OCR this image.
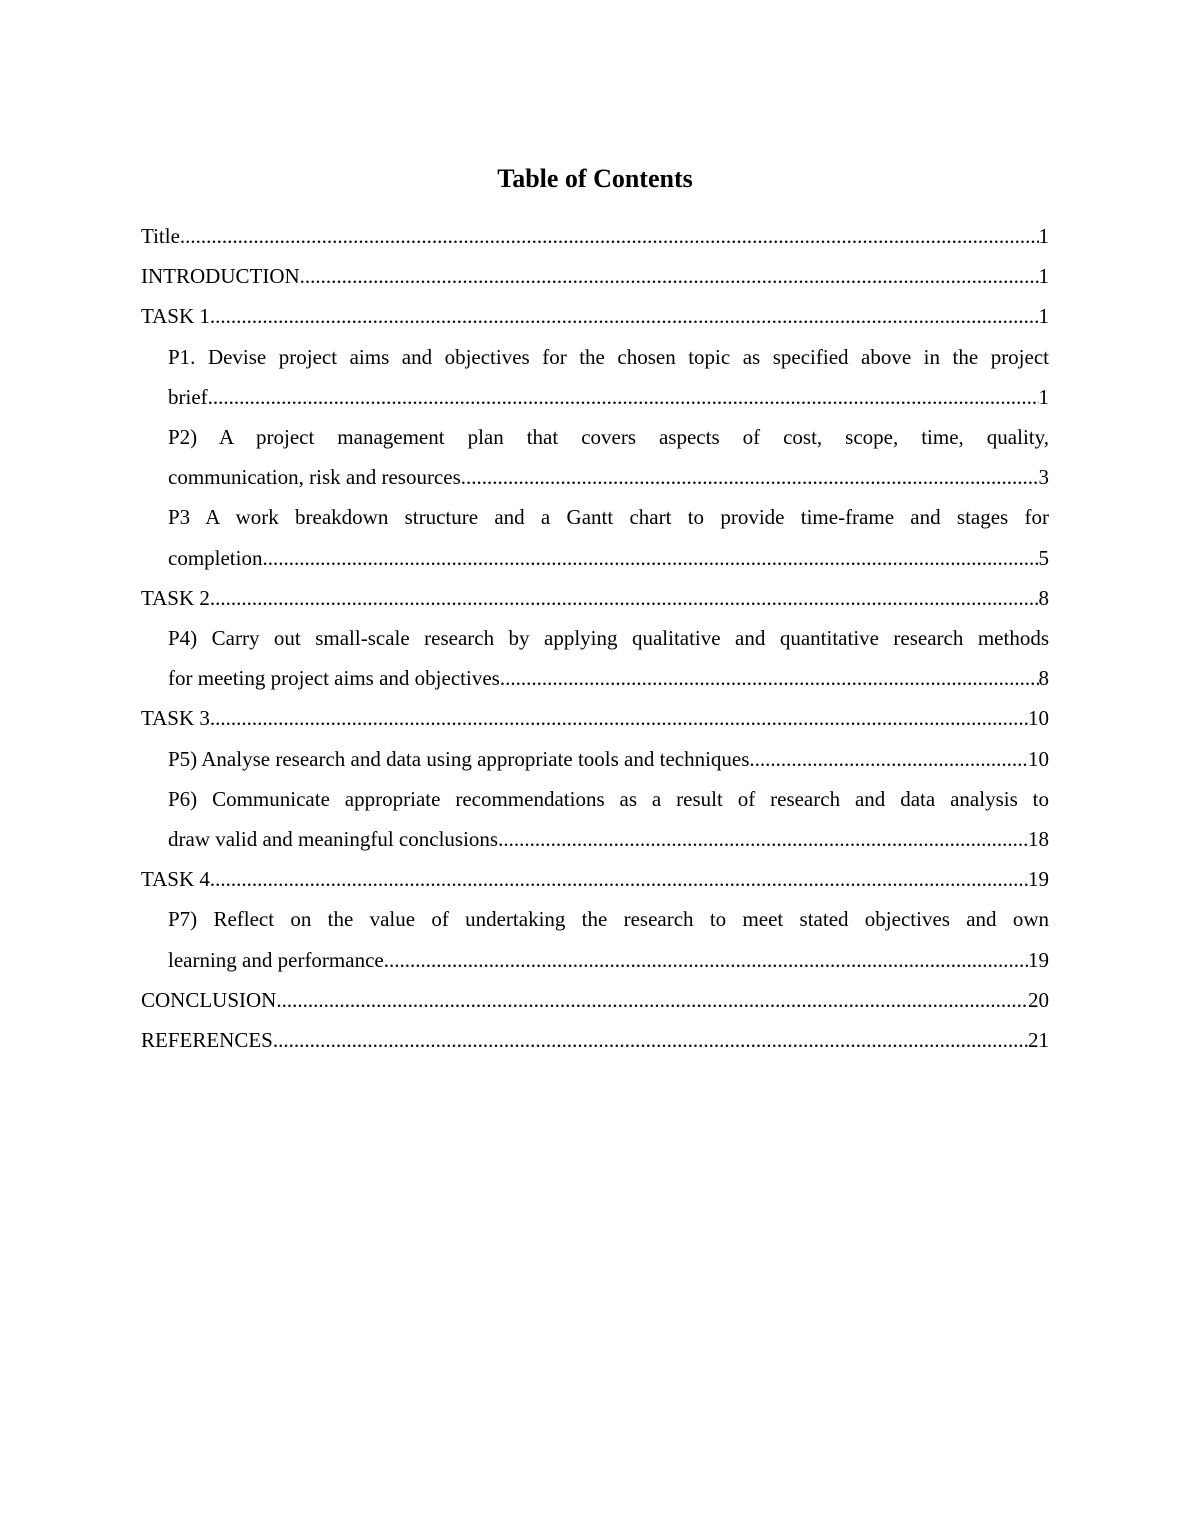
Table of Contents
Title .....	1
INTRODUCTION .....	1
TASK 1 .....	1
P1. Devise project aims and objectives for the chosen topic as specified above in the project
brief .....	1
P2) A project management plan that covers aspects of cost, scope, time, quality,
communication, risk and resources .....	3
P3 A work breakdown structure and a Gantt chart to provide time-frame and stages for
completion .....	5
TASK 2 .....	8
P4) Carry out small-scale research by applying qualitative and quantitative research methods
for meeting project aims and objectives .....	8
TASK 3 .....	10
P5) Analyse research and data using appropriate tools and techniques. .....	10
P6) Communicate appropriate recommendations as a result of research and data analysis to
draw valid and meaningful conclusions .....	18
TASK 4 .....	19
P7) Reflect on the value of undertaking the research to meet stated objectives and own
learning and performance .....	19
CONCLUSION .....	20
REFERENCES .....	21
